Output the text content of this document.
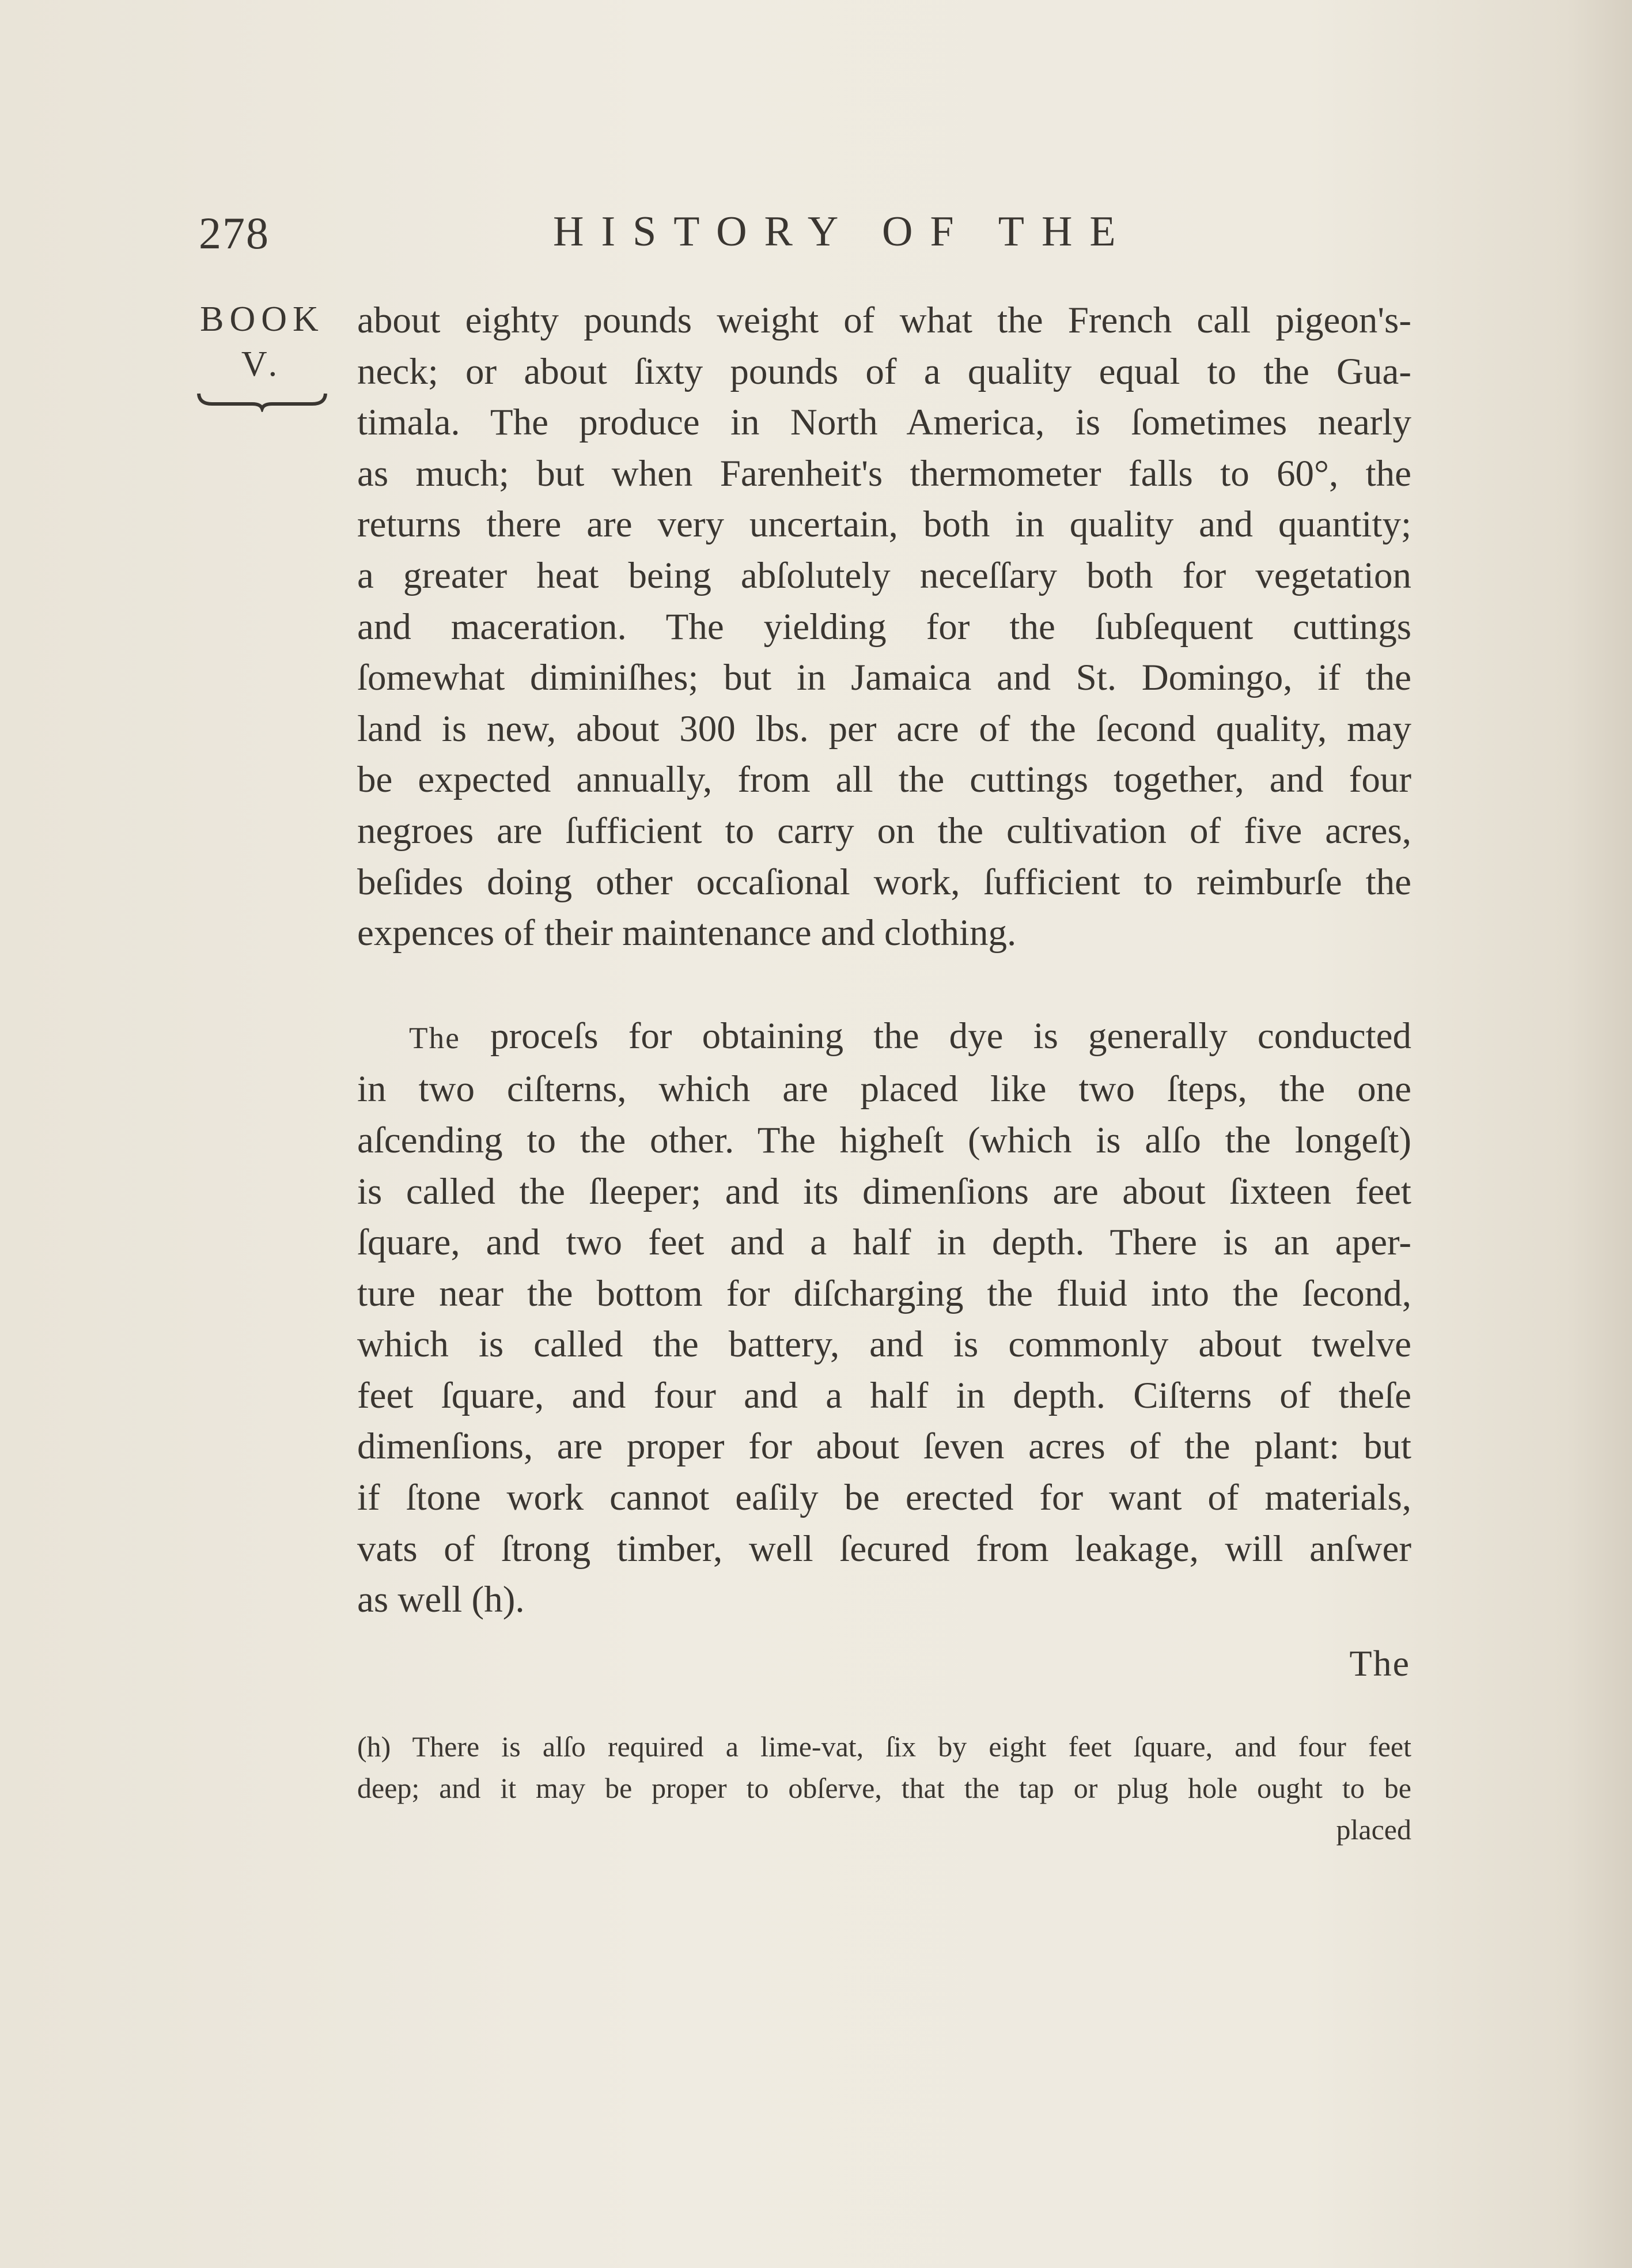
278	HISTORY OF THE
BOOK
V.
about eighty pounds weight of what the French call pigeon's-
neck; or about ſixty pounds of a quality equal to the Gua-
timala. The produce in North America, is ſometimes nearly
as much; but when Farenheit's thermometer falls to 60°, the
returns there are very uncertain, both in quality and quantity;
a greater heat being abſolutely neceſſary both for vegetation
and maceration. The yielding for the ſubſequent cuttings
ſomewhat diminiſhes; but in Jamaica and St. Domingo, if the
land is new, about 300 lbs. per acre of the ſecond quality, may
be expected annually, from all the cuttings together, and four
negroes are ſufficient to carry on the cultivation of five acres,
beſides doing other occaſional work, ſufficient to reimburſe the
expences of their maintenance and clothing.
The proceſs for obtaining the dye is generally conducted
in two ciſterns, which are placed like two ſteps, the one
aſcending to the other. The higheſt (which is alſo the longeſt)
is called the ſleeper; and its dimenſions are about ſixteen feet
ſquare, and two feet and a half in depth. There is an aper-
ture near the bottom for diſcharging the fluid into the ſecond,
which is called the battery, and is commonly about twelve
feet ſquare, and four and a half in depth. Ciſterns of theſe
dimenſions, are proper for about ſeven acres of the plant: but
if ſtone work cannot eaſily be erected for want of materials,
vats of ſtrong timber, well ſecured from leakage, will anſwer
as well (h).
The
(h) There is alſo required a lime-vat, ſix by eight feet ſquare, and four feet
deep; and it may be proper to obſerve, that the tap or plug hole ought to be
placed
